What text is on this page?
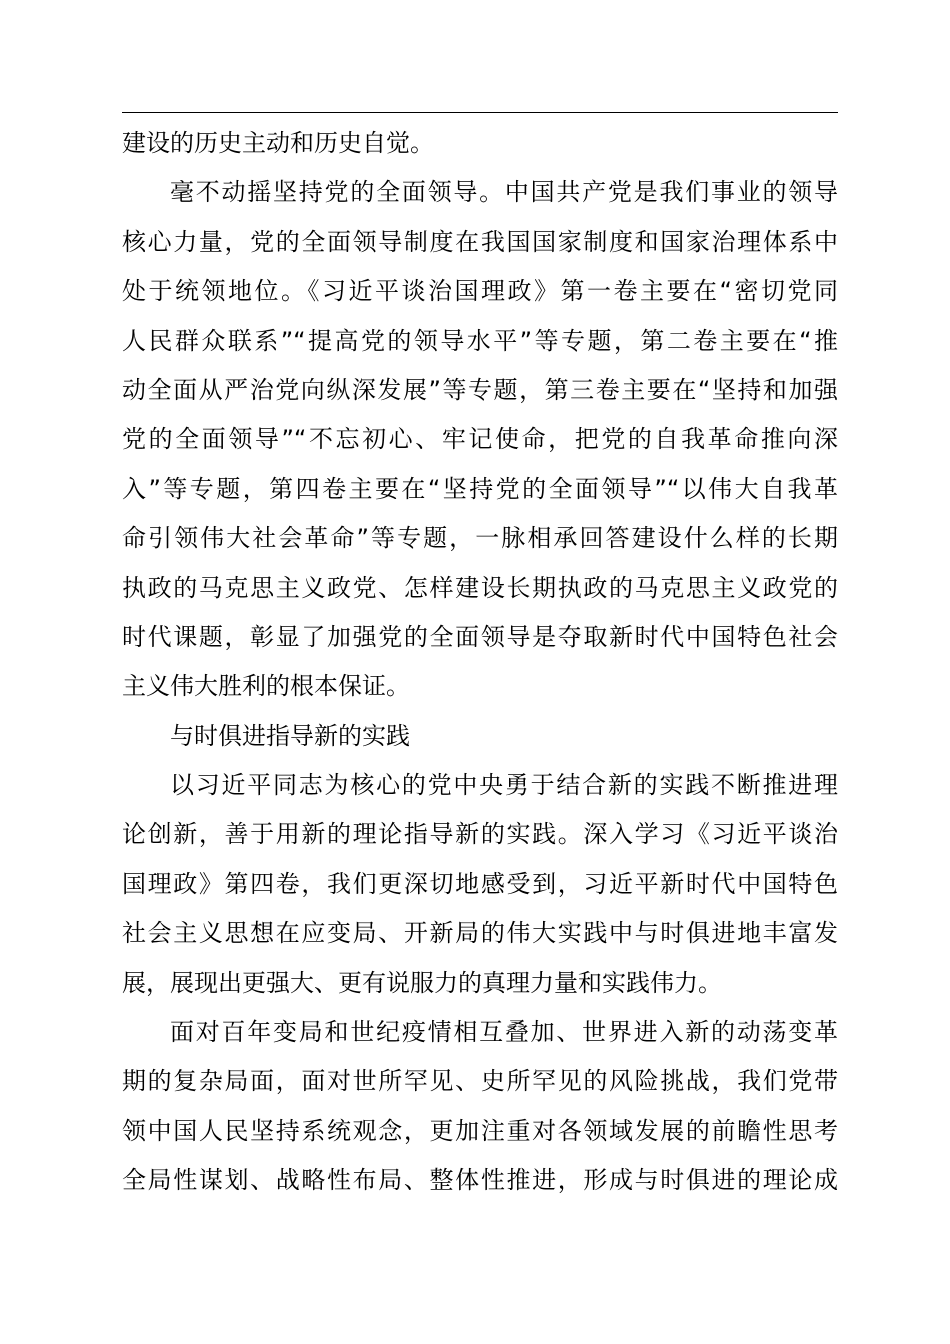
建设的历史主动和历史自觉。
毫不动摇坚持党的全面领导。中国共产党是我们事业的领导
核心力量，党的全面领导制度在我国国家制度和国家治理体系中
处于统领地位。《习近平谈治国理政》第一卷主要在“密切党同
人民群众联系”“提高党的领导水平”等专题，第二卷主要在“推
动全面从严治党向纵深发展”等专题，第三卷主要在“坚持和加强
党的全面领导”“不忘初心、牢记使命，把党的自我革命推向深
入”等专题，第四卷主要在“坚持党的全面领导”“以伟大自我革
命引领伟大社会革命”等专题，一脉相承回答建设什么样的长期
执政的马克思主义政党、怎样建设长期执政的马克思主义政党的
时代课题，彰显了加强党的全面领导是夺取新时代中国特色社会
主义伟大胜利的根本保证。
与时俱进指导新的实践
以习近平同志为核心的党中央勇于结合新的实践不断推进理
论创新，善于用新的理论指导新的实践。深入学习《习近平谈治
国理政》第四卷，我们更深切地感受到，习近平新时代中国特色
社会主义思想在应变局、开新局的伟大实践中与时俱进地丰富发
展，展现出更强大、更有说服力的真理力量和实践伟力。
面对百年变局和世纪疫情相互叠加、世界进入新的动荡变革
期的复杂局面，面对世所罕见、史所罕见的风险挑战，我们党带
领中国人民坚持系统观念，更加注重对各领域发展的前瞻性思考
全局性谋划、战略性布局、整体性推进，形成与时俱进的理论成
